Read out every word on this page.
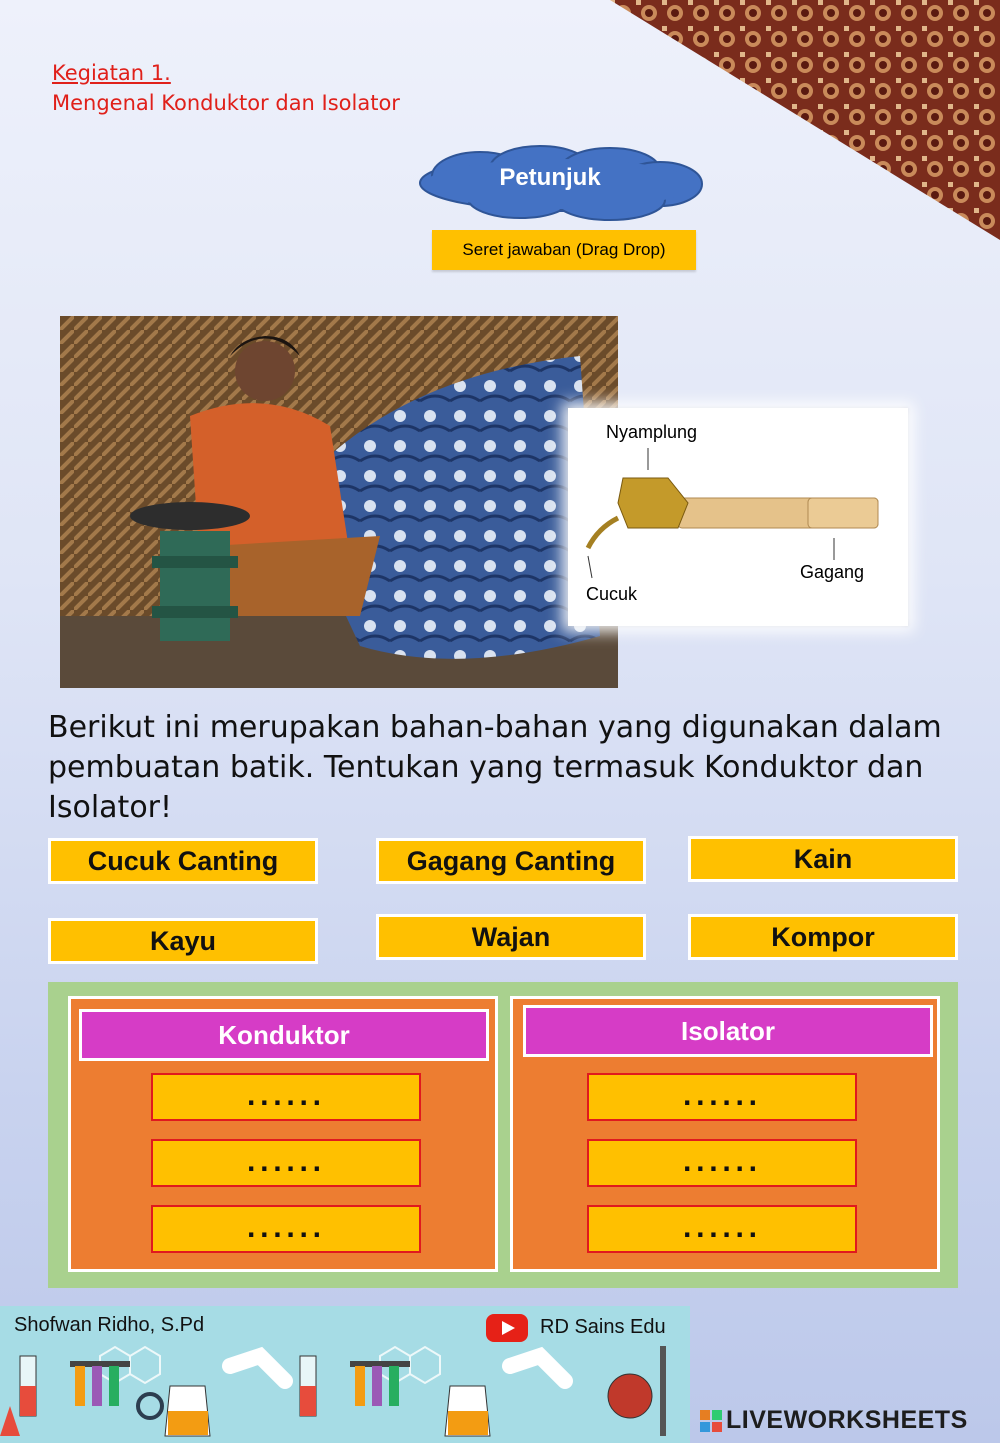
Kegiatan 1.
Mengenal Konduktor dan Isolator
Petunjuk
Seret jawaban (Drag Drop)
Nyamplung
Cucuk
Gagang
Berikut ini merupakan bahan-bahan yang digunakan dalam pembuatan batik. Tentukan yang termasuk Konduktor dan Isolator!
Cucuk Canting	Gagang Canting	Kain
Kayu	Wajan	Kompor
Konduktor
......
......
......
Isolator
......
......
......
Shofwan Ridho, S.Pd	RD Sains Edu
LIVEWORKSHEETS
